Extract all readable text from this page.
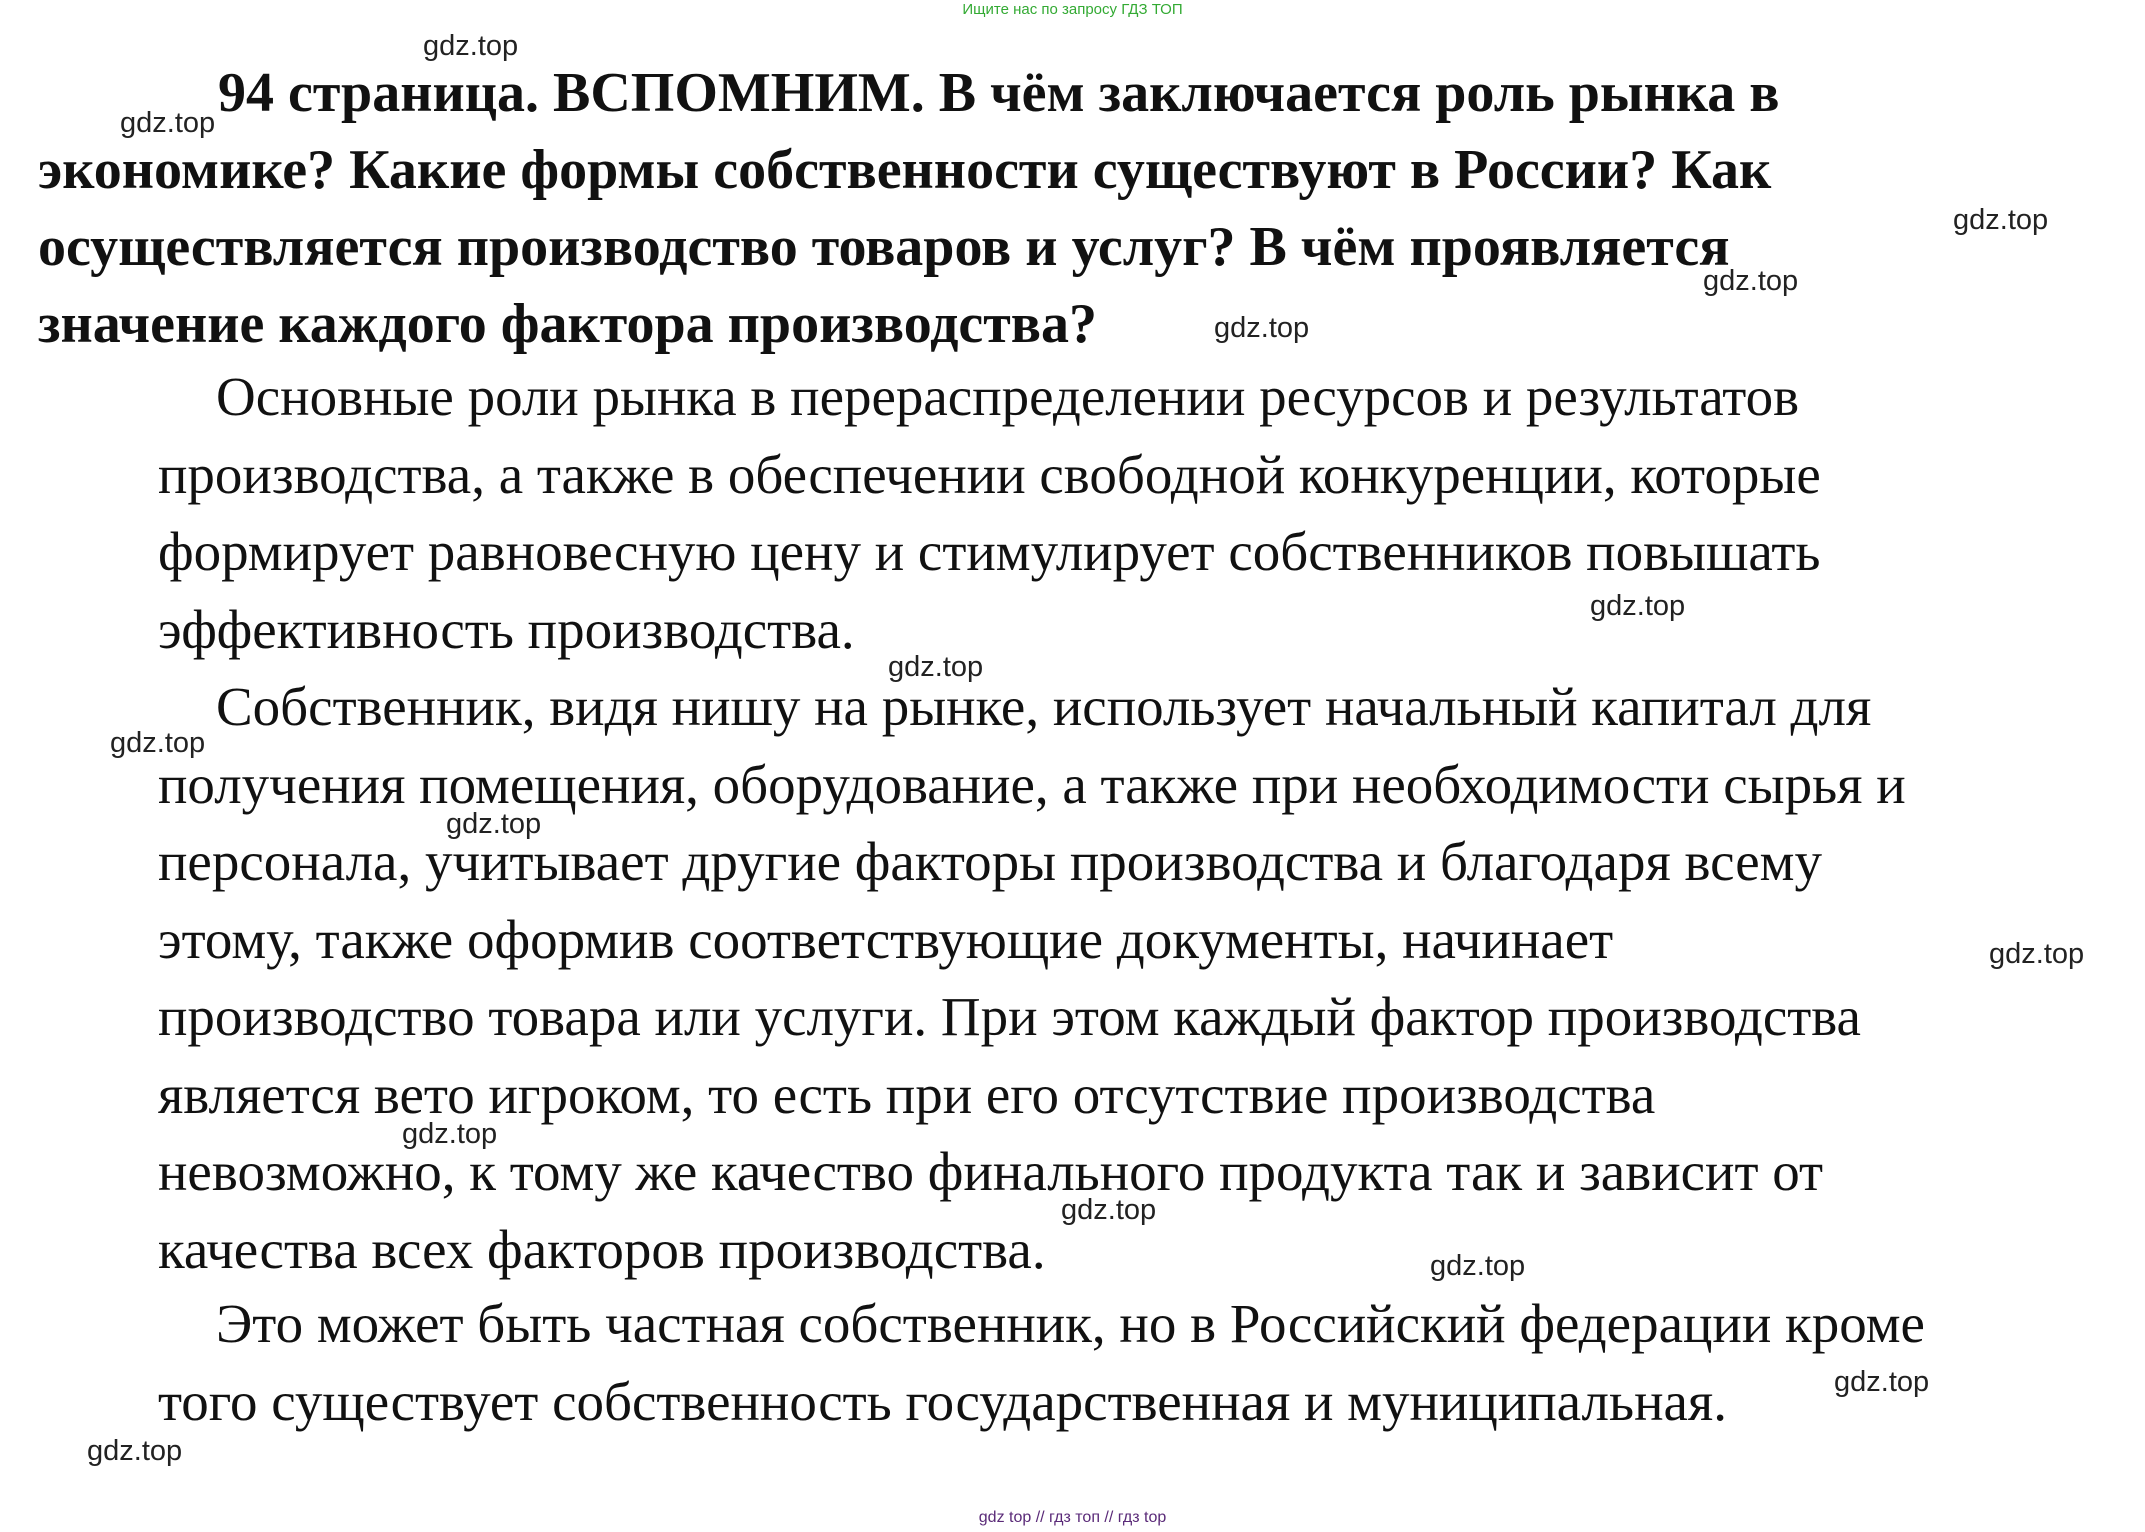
Ищите нас по запросу ГДЗ ТОП

94 страница. ВСПОМНИМ. В чём заключается роль рынка в
экономике? Какие формы собственности существуют в России? Как
осуществляется производство товаров и услуг? В чём проявляется
значение каждого фактора производства?

Основные роли рынка в перераспределении ресурсов и результатов
производства, а также в обеспечении свободной конкуренции, которые
формирует равновесную цену и стимулирует собственников повышать
эффективность производства.

Собственник, видя нишу на рынке, использует начальный капитал для
получения помещения, оборудование, а также при необходимости сырья и
персонала, учитывает другие факторы производства и благодаря всему
этому, также оформив соответствующие документы, начинает
производство товара или услуги. При этом каждый фактор производства
является вето игроком, то есть при его отсутствие производства
невозможно, к тому же качество финального продукта так и зависит от
качества всех факторов производства.

Это может быть частная собственник, но в Российский федерации кроме
того существует собственность государственная и муниципальная.

gdz.top
gdz.top
gdz.top
gdz.top
gdz.top
gdz.top
gdz.top
gdz.top
gdz.top
gdz.top
gdz.top
gdz.top
gdz.top
gdz.top
gdz.top
gdz top // гдз топ // гдз top
